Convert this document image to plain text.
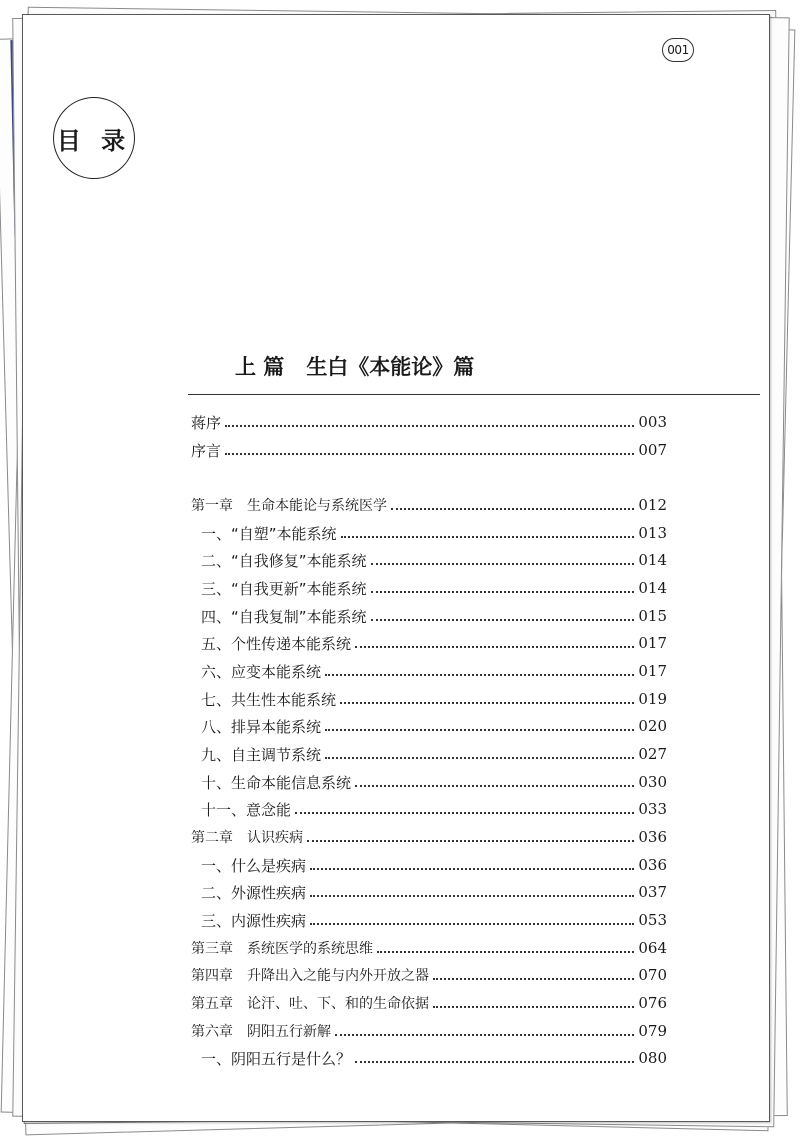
001
目 录
上 篇 生白《本能论》篇
蒋序	003
序言	007
第一章　生命本能论与系统医学	012
一、“自塑”本能系统	013
二、“自我修复”本能系统	014
三、“自我更新”本能系统	014
四、“自我复制”本能系统	015
五、个性传递本能系统	017
六、应变本能系统	017
七、共生性本能系统	019
八、排异本能系统	020
九、自主调节系统	027
十、生命本能信息系统	030
十一、意念能	033
第二章　认识疾病	036
一、什么是疾病	036
二、外源性疾病	037
三、内源性疾病	053
第三章　系统医学的系统思维	064
第四章　升降出入之能与内外开放之器	070
第五章　论汗、吐、下、和的生命依据	076
第六章　阴阳五行新解	079
一、阴阳五行是什么？	080
